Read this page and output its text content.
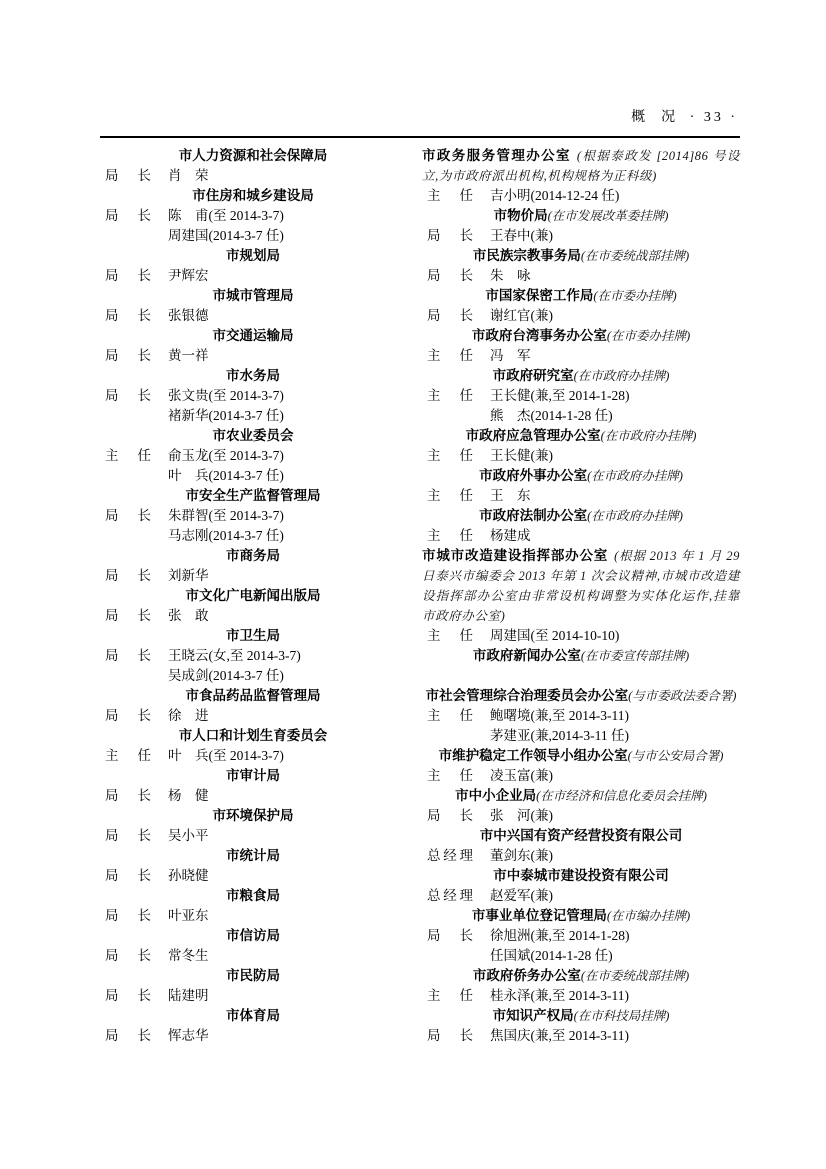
概　况 · 33 ·
市人力资源和社会保障局
局长 肖　荣
市住房和城乡建设局
局长 陈　甫(至 2014-3-7)
周建国(2014-3-7 任)
市规划局
局长 尹辉宏
市城市管理局
局长 张银德
市交通运输局
局长 黄一祥
市水务局
局长 张文贵(至 2014-3-7)
褚新华(2014-3-7 任)
市农业委员会
主任 俞玉龙(至 2014-3-7)
叶　兵(2014-3-7 任)
市安全生产监督管理局
局长 朱群智(至 2014-3-7)
马志刚(2014-3-7 任)
市商务局
局长 刘新华
市文化广电新闻出版局
局长 张　敢
市卫生局
局长 王晓云(女,至 2014-3-7)
吴成剑(2014-3-7 任)
市食品药品监督管理局
局长 徐　进
市人口和计划生育委员会
主任 叶　兵(至 2014-3-7)
市审计局
局长 杨　健
市环境保护局
局长 吴小平
市统计局
局长 孙晓健
市粮食局
局长 叶亚东
市信访局
局长 常冬生
市民防局
局长 陆建明
市体育局
局长 恽志华
市政务服务管理办公室 (根据泰政发 [2014]86 号设立,为市政府派出机构,机构规格为正科级)
主任 吉小明(2014-12-24 任)
市物价局(在市发展改革委挂牌)
局长 王春中(兼)
市民族宗教事务局(在市委统战部挂牌)
局长 朱　咏
市国家保密工作局(在市委办挂牌)
局长 谢红官(兼)
市政府台湾事务办公室(在市委办挂牌)
主任 冯　军
市政府研究室(在市政府办挂牌)
主任 王长健(兼,至 2014-1-28)
熊　杰(2014-1-28 任)
市政府应急管理办公室(在市政府办挂牌)
主任 王长健(兼)
市政府外事办公室(在市政府办挂牌)
主任 王　东
市政府法制办公室(在市政府办挂牌)
主任 杨建成
市城市改造建设指挥部办公室 (根据 2013 年 1 月 29 日泰兴市编委会 2013 年第 1 次会议精神,市城市改造建设指挥部办公室由非常设机构调整为实体化运作,挂靠市政府办公室)
主任 周建国(至 2014-10-10)
市政府新闻办公室(在市委宣传部挂牌)
市社会管理综合治理委员会办公室(与市委政法委合署)
主任 鲍曙境(兼,至 2014-3-11)
茅建亚(兼,2014-3-11 任)
市维护稳定工作领导小组办公室(与市公安局合署)
主任 凌玉富(兼)
市中小企业局(在市经济和信息化委员会挂牌)
局长 张　河(兼)
市中兴国有资产经营投资有限公司
总经理 董剑东(兼)
市中泰城市建设投资有限公司
总经理 赵爱军(兼)
市事业单位登记管理局(在市编办挂牌)
局长 徐旭洲(兼,至 2014-1-28)
任国斌(2014-1-28 任)
市政府侨务办公室(在市委统战部挂牌)
主任 桂永泽(兼,至 2014-3-11)
市知识产权局(在市科技局挂牌)
局长 焦国庆(兼,至 2014-3-11)
